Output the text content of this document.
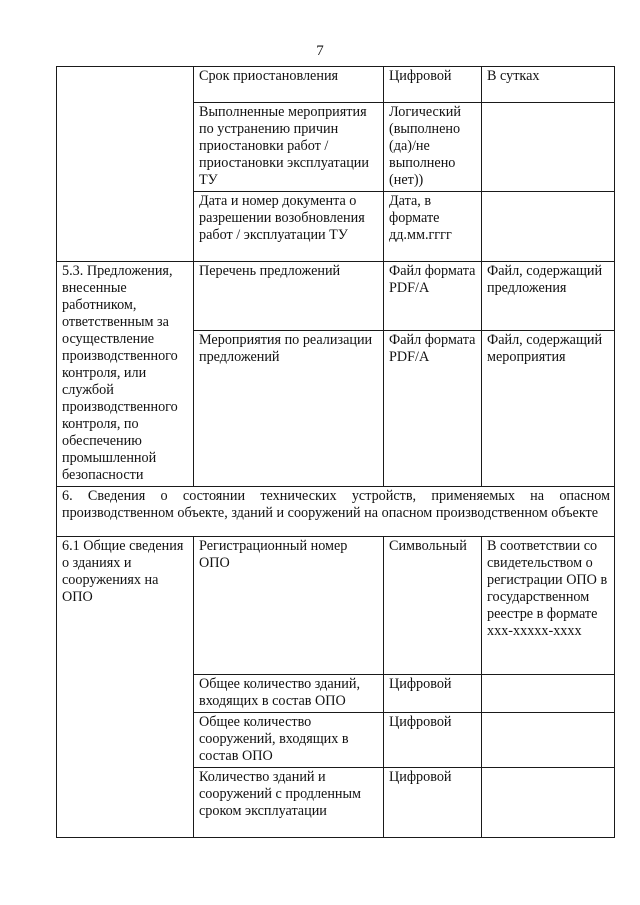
7
	Срок приостановления	Цифровой	В сутках
	Выполненные мероприятия по устранению причин приостановки работ / приостановки эксплуатации ТУ	Логический (выполнено (да)/не выполнено (нет))	
	Дата и номер документа о разрешении возобновления работ / эксплуатации ТУ	Дата, в формате дд.мм.гггг	
5.3. Предложения, внесенные работником, ответственным за осуществление производственного контроля, или службой производственного контроля, по обеспечению промышленной безопасности	Перечень предложений	Файл формата PDF/A	Файл, содержащий предложения
	Мероприятия по реализации предложений	Файл формата PDF/A	Файл, содержащий мероприятия
6. Сведения о состоянии технических устройств, применяемых на опасном производственном объекте, зданий и сооружений на опасном производственном объекте			
6.1 Общие сведения о зданиях и сооружениях на ОПО	Регистрационный номер ОПО	Символьный	В соответствии со свидетельством о регистрации ОПО в государственном реестре в формате ххх-ххххх-хххх
	Общее количество зданий, входящих в состав ОПО	Цифровой	
	Общее количество сооружений, входящих в состав ОПО	Цифровой	
	Количество зданий и сооружений с продленным сроком эксплуатации	Цифровой	
